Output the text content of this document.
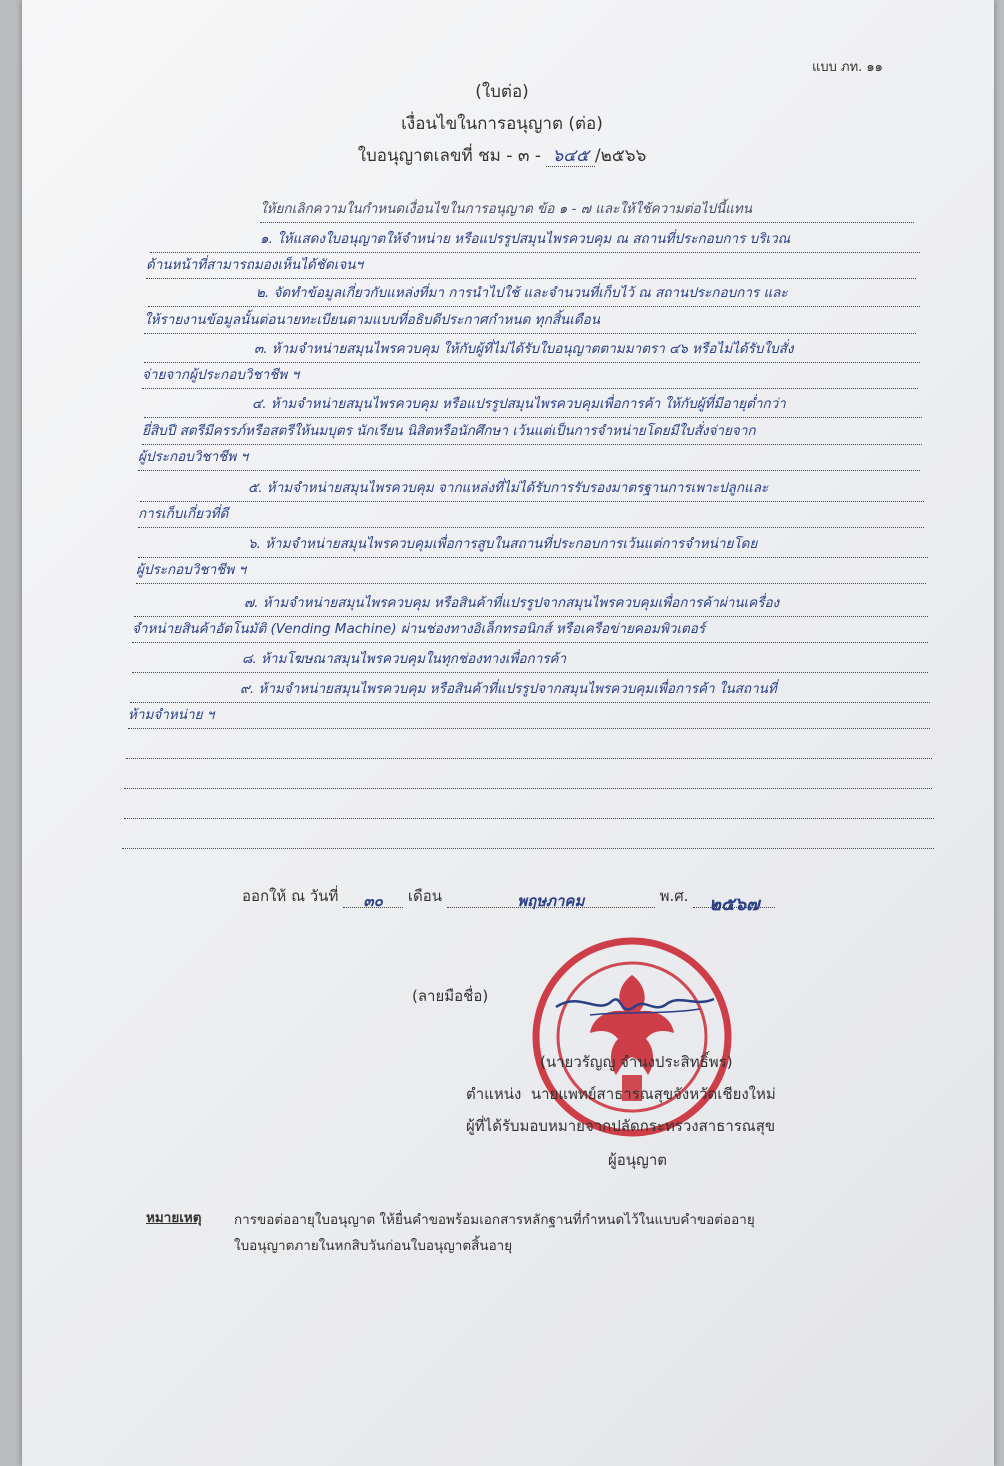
แบบ ภท. ๑๑
(ใบต่อ)
เงื่อนไขในการอนุญาต (ต่อ)
ใบอนุญาตเลขที่ ชม - ๓ - ๖๔๕ /๒๕๖๖
ให้ยกเลิกความในกำหนดเงื่อนไขในการอนุญาต ข้อ ๑ - ๗ และให้ใช้ความต่อไปนี้แทน
๑. ให้แสดงใบอนุญาตให้จำหน่าย หรือแปรรูปสมุนไพรควบคุม ณ สถานที่ประกอบการ บริเวณ
ด้านหน้าที่สามารถมองเห็นได้ชัดเจนฯ
๒. จัดทำข้อมูลเกี่ยวกับแหล่งที่มา การนำไปใช้ และจำนวนที่เก็บไว้ ณ สถานประกอบการ และ
ให้รายงานข้อมูลนั้นต่อนายทะเบียนตามแบบที่อธิบดีประกาศกำหนด ทุกสิ้นเดือน
๓. ห้ามจำหน่ายสมุนไพรควบคุม ให้กับผู้ที่ไม่ได้รับใบอนุญาตตามมาตรา ๔๖ หรือไม่ได้รับใบสั่ง
จ่ายจากผู้ประกอบวิชาชีพ ฯ
๔. ห้ามจำหน่ายสมุนไพรควบคุม หรือแปรรูปสมุนไพรควบคุมเพื่อการค้า ให้กับผู้ที่มีอายุต่ำกว่า
ยี่สิบปี สตรีมีครรภ์หรือสตรีให้นมบุตร นักเรียน นิสิตหรือนักศึกษา เว้นแต่เป็นการจำหน่ายโดยมีใบสั่งจ่ายจาก
ผู้ประกอบวิชาชีพ ฯ
๕. ห้ามจำหน่ายสมุนไพรควบคุม จากแหล่งที่ไม่ได้รับการรับรองมาตรฐานการเพาะปลูกและ
การเก็บเกี่ยวที่ดี
๖. ห้ามจำหน่ายสมุนไพรควบคุมเพื่อการสูบในสถานที่ประกอบการเว้นแต่การจำหน่ายโดย
ผู้ประกอบวิชาชีพ ฯ
๗. ห้ามจำหน่ายสมุนไพรควบคุม หรือสินค้าที่แปรรูปจากสมุนไพรควบคุมเพื่อการค้าผ่านเครื่อง
จำหน่ายสินค้าอัตโนมัติ (Vending Machine) ผ่านช่องทางอิเล็กทรอนิกส์ หรือเครือข่ายคอมพิวเตอร์
๘. ห้ามโฆษณาสมุนไพรควบคุมในทุกช่องทางเพื่อการค้า
๙. ห้ามจำหน่ายสมุนไพรควบคุม หรือสินค้าที่แปรรูปจากสมุนไพรควบคุมเพื่อการค้า ในสถานที่
ห้ามจำหน่าย ฯ
ออกให้ ณ วันที่ ๓๐ เดือน	พฤษภาคม	พ.ศ. ๒๕๖๗
(ลายมือชื่อ)
(นายวรัญญู จำนงประสิทธิ์พร)
ตำแหน่ง นายแพทย์สาธารณสุขจังหวัดเชียงใหม่
ผู้ที่ได้รับมอบหมายจากปลัดกระทรวงสาธารณสุข
ผู้อนุญาต
หมายเหตุ การขอต่ออายุใบอนุญาต ให้ยื่นคำขอพร้อมเอกสารหลักฐานที่กำหนดไว้ในแบบคำขอต่ออายุ
ใบอนุญาตภายในหกสิบวันก่อนใบอนุญาตสิ้นอายุ
